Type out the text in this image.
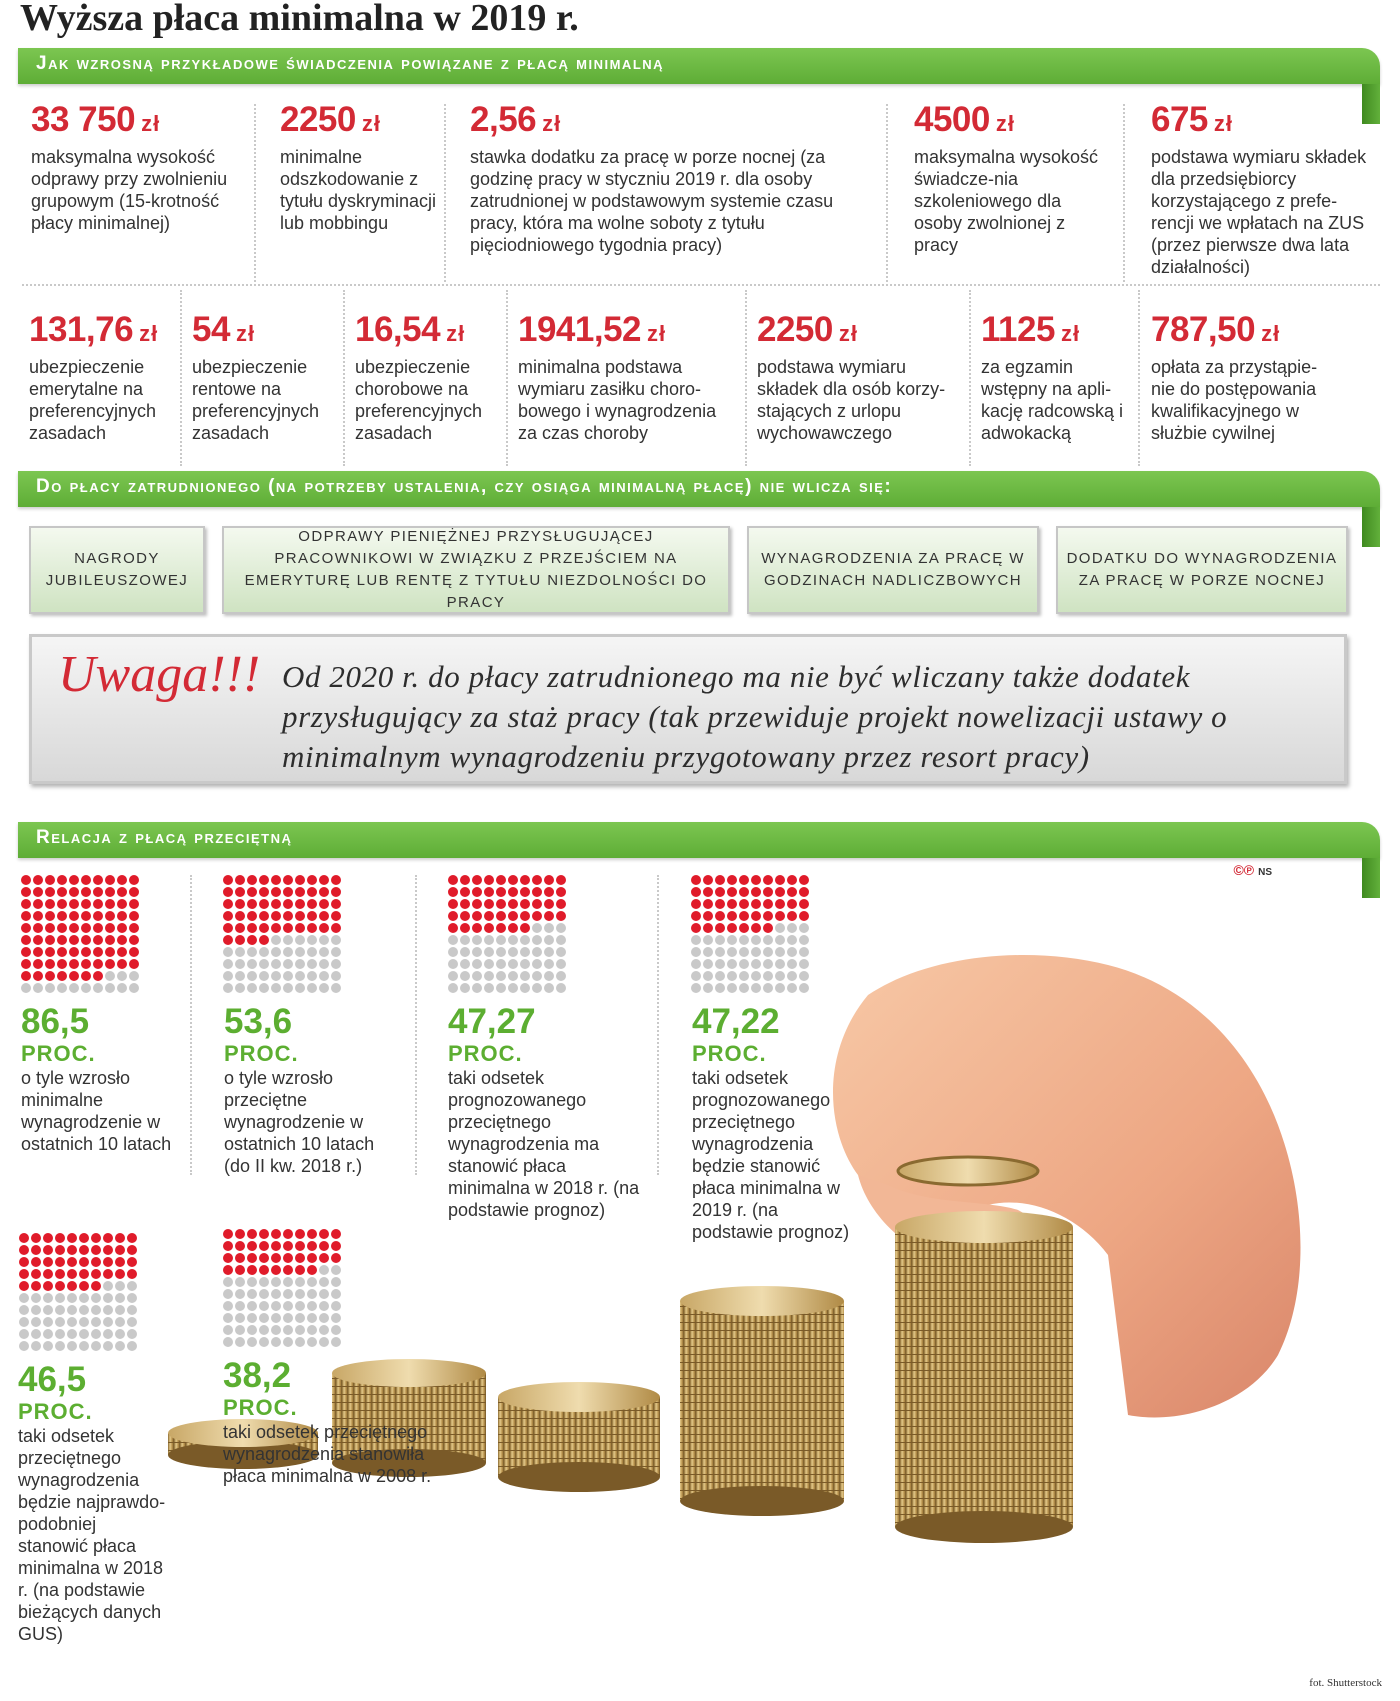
Wyższa płaca minimalna w 2019 r.
Jak wzrosną przykładowe świadczenia powiązane z płacą minimalną
33 750 zł
maksymalna wysokość odprawy przy zwolnieniu grupowym (15-krotność płacy minimalnej)
2250 zł
minimalne odszkodowanie z tytułu dyskryminacji lub mobbingu
2,56 zł
stawka dodatku za pracę w porze nocnej (za godzinę pracy w styczniu 2019 r. dla osoby zatrudnionej w podstawowym systemie czasu pracy, która ma wolne soboty z tytułu pięciodniowego tygodnia pracy)
4500 zł
maksymalna wysokość świadcze-nia szkoleniowego dla osoby zwolnionej z pracy
675 zł
podstawa wymiaru składek dla przedsiębiorcy korzystającego z prefe-rencji we wpłatach na ZUS (przez pierwsze dwa lata działalności)
131,76 zł
ubezpieczenie emerytalne na preferencyjnych zasadach
54 zł
ubezpieczenie rentowe na preferencyjnych zasadach
16,54 zł
ubezpieczenie chorobowe na preferencyjnych zasadach
1941,52 zł
minimalna podstawa wymiaru zasiłku choro-bowego i wynagrodzenia za czas choroby
2250 zł
podstawa wymiaru składek dla osób korzy-stających z urlopu wychowawczego
1125 zł
za egzamin wstępny na apli-kację radcowską i adwokacką
787,50 zł
opłata za przystąpie-nie do postępowania kwalifikacyjnego w służbie cywilnej
Do płacy zatrudnionego (na potrzeby ustalenia, czy osiąga minimalną płacę) nie wlicza się:
NAGRODY JUBILEUSZOWEJ
ODPRAWY PIENIĘŻNEJ PRZYSŁUGUJĄCEJ PRACOWNIKOWI W ZWIĄZKU Z PRZEJŚCIEM NA EMERYTURĘ LUB RENTĘ Z TYTUŁU NIEZDOLNOŚCI DO PRACY
WYNAGRODZENIA ZA PRACĘ W GODZINACH NADLICZBOWYCH
DODATKU DO WYNAGRODZENIA ZA PRACĘ W PORZE NOCNEJ
Uwaga!!! Od 2020 r. do płacy zatrudnionego ma nie być wliczany także dodatek przysługujący za staż pracy (tak przewiduje projekt nowelizacji ustawy o minimalnym wynagrodzeniu przygotowany przez resort pracy)
Relacja z płacą przeciętną
©℗ NS
86,5
PROC.
o tyle wzrosło minimalne wynagrodzenie w ostatnich 10 latach
53,6
PROC.
o tyle wzrosło przeciętne wynagrodzenie w ostatnich 10 latach (do II kw. 2018 r.)
47,27
PROC.
taki odsetek prognozowanego przeciętnego wynagrodzenia ma stanowić płaca minimalna w 2018 r. (na podstawie prognoz)
47,22
PROC.
taki odsetek prognozowanego przeciętnego wynagrodzenia będzie stanowić płaca minimalna w 2019 r. (na podstawie prognoz)
46,5
PROC.
taki odsetek przeciętnego wynagrodzenia będzie najprawdo-podobniej stanowić płaca minimalna w 2018 r. (na podstawie bieżących danych GUS)
38,2
PROC.
taki odsetek przeciętnego wynagrodzenia stanowiła płaca minimalna w 2008 r.
fot. Shutterstock
